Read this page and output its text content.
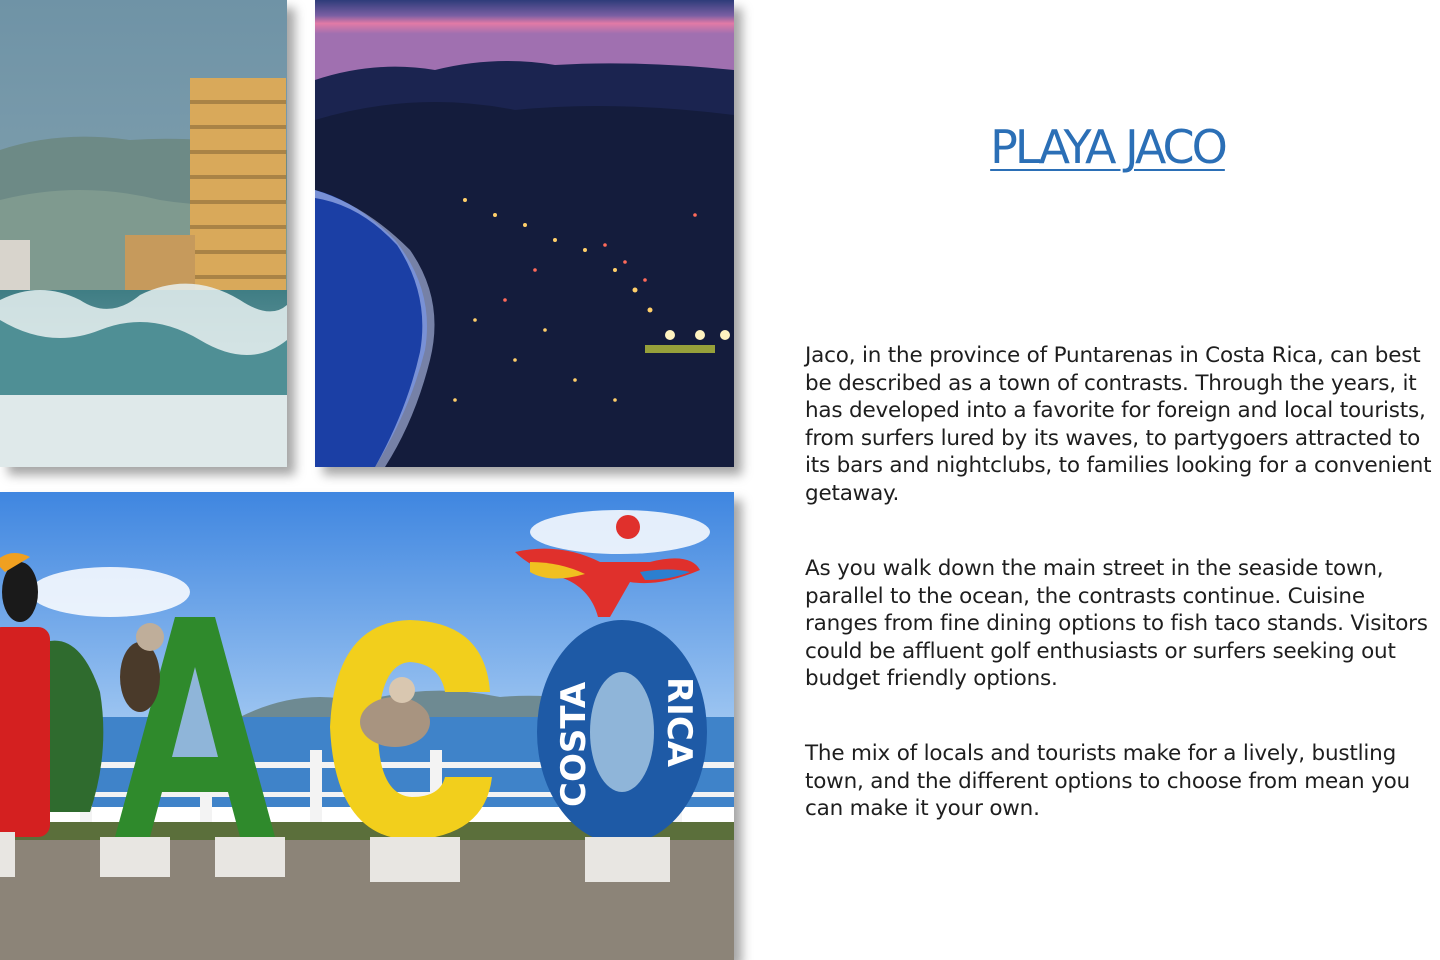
COSTA RICA
PLAYA JACO

Jaco, in the province of Puntarenas in Costa Rica, can best be described as a town of contrasts. Through the years, it has developed into a favorite for foreign and local tourists, from surfers lured by its waves, to partygoers attracted to its bars and nightclubs, to families looking for a convenient getaway.

As you walk down the main street in the seaside town, parallel to the ocean, the contrasts continue. Cuisine ranges from fine dining options to fish taco stands. Visitors could be affluent golf enthusiasts or surfers seeking out budget friendly options.

The mix of locals and tourists make for a lively, bustling town, and the different options to choose from mean you can make it your own.
